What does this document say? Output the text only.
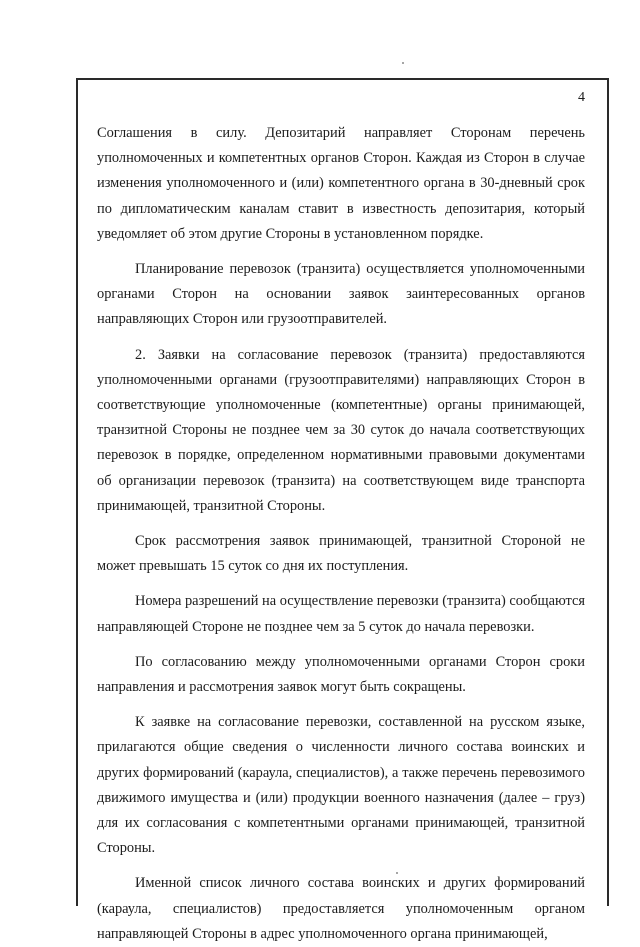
4

Соглашения в силу. Депозитарий направляет Сторонам перечень уполномоченных и компетентных органов Сторон. Каждая из Сторон в случае изменения уполномоченного и (или) компетентного органа в 30-дневный срок по дипломатическим каналам ставит в известность депозитария, который уведомляет об этом другие Стороны в установленном порядке.

Планирование перевозок (транзита) осуществляется уполномоченными органами Сторон на основании заявок заинтересованных органов направляющих Сторон или грузоотправителей.

2. Заявки на согласование перевозок (транзита) предоставляются уполномоченными органами (грузоотправителями) направляющих Сторон в соответствующие уполномоченные (компетентные) органы принимающей, транзитной Стороны не позднее чем за 30 суток до начала соответствующих перевозок в порядке, определенном нормативными правовыми документами об организации перевозок (транзита) на соответствующем виде транспорта принимающей, транзитной Стороны.

Срок рассмотрения заявок принимающей, транзитной Стороной не может превышать 15 суток со дня их поступления.

Номера разрешений на осуществление перевозки (транзита) сообщаются направляющей Стороне не позднее чем за 5 суток до начала перевозки.

По согласованию между уполномоченными органами Сторон сроки направления и рассмотрения заявок могут быть сокращены.

К заявке на согласование перевозки, составленной на русском языке, прилагаются общие сведения о численности личного состава воинских и других формирований (караула, специалистов), а также перечень перевозимого движимого имущества и (или) продукции военного назначения (далее – груз) для их согласования с компетентными органами принимающей, транзитной Стороны.

Именной список личного состава воинских и других формирований (караула, специалистов) предоставляется уполномоченным органом направляющей Стороны в адрес уполномоченного органа принимающей,
